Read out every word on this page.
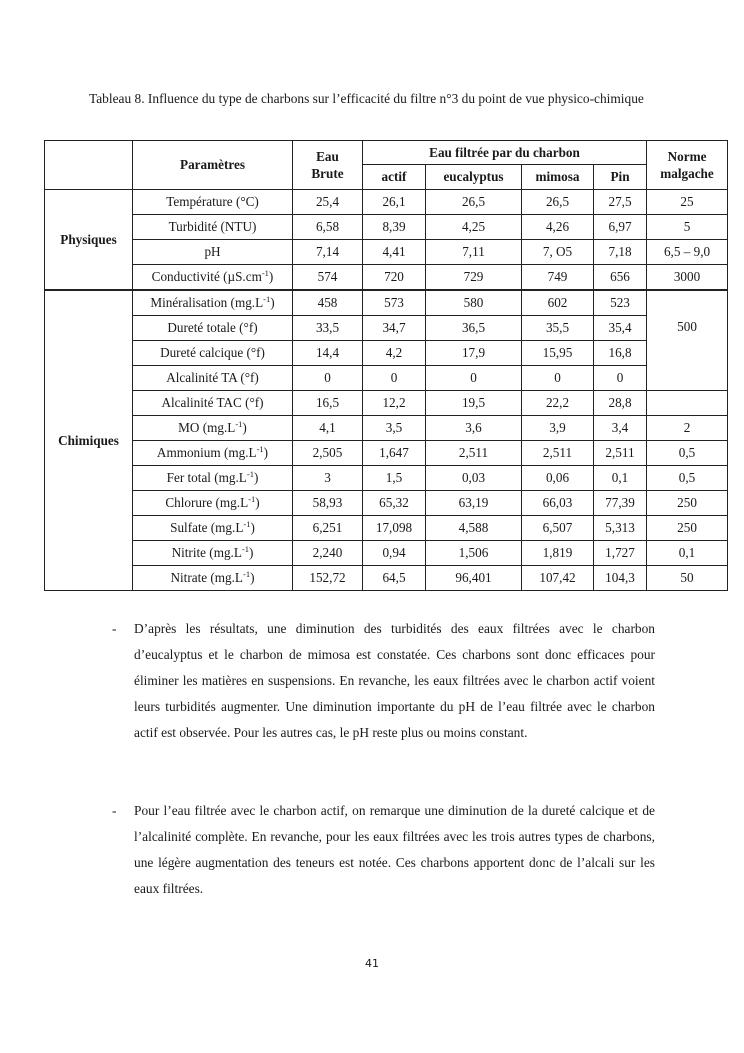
Tableau 8. Influence du type de charbons sur l’efficacité du filtre n°3 du point de vue physico-chimique
	Paramètres	Eau Brute	Eau filtrée par du charbon				Norme malgache
			actif	eucalyptus	mimosa	Pin	
Physiques	Température (°C)	25,4	26,1	26,5	26,5	27,5	25
	Turbidité (NTU)	6,58	8,39	4,25	4,26	6,97	5
	pH	7,14	4,41	7,11	7, O5	7,18	6,5 – 9,0
	Conductivité $(\mu S.cm^{-1})$	574	720	729	749	656	3000
Chimiques	Minéralisation $(mg.L^{-1})$	458	573	580	602	523	500
	Dureté totale (°f)	33,5	34,7	36,5	35,5	35,4	
	Dureté calcique (°f)	14,4	4,2	17,9	15,95	16,8	
	Alcalinité TA (°f)	0	0	0	0	0	
	Alcalinité TAC (°f)	16,5	12,2	19,5	22,2	28,8	
	MO $(mg.L^{-1})$	4,1	3,5	3,6	3,9	3,4	2
	Ammonium $(mg.L^{-1})$	2,505	1,647	2,511	2,511	2,511	0,5
	Fer total $(mg.L^{-1})$	3	1,5	0,03	0,06	0,1	0,5
	Chlorure $(mg.L^{-1})$	58,93	65,32	63,19	66,03	77,39	250
	Sulfate $(mg.L^{-1})$	6,251	17,098	4,588	6,507	5,313	250
	Nitrite $(mg.L^{-1})$	2,240	0,94	1,506	1,819	1,727	0,1
	Nitrate $(mg.L^{-1})$	152,72	64,5	96,401	107,42	104,3	50
- D’après les résultats, une diminution des turbidités des eaux filtrées avec le charbon d’eucalyptus et le charbon de mimosa est constatée. Ces charbons sont donc efficaces pour éliminer les matières en suspensions. En revanche, les eaux filtrées avec le charbon actif voient leurs turbidités augmenter. Une diminution importante du pH de l’eau filtrée avec le charbon actif est observée. Pour les autres cas, le pH reste plus ou moins constant.
- Pour l’eau filtrée avec le charbon actif, on remarque une diminution de la dureté calcique et de l’alcalinité complète. En revanche, pour les eaux filtrées avec les trois autres types de charbons, une légère augmentation des teneurs est notée. Ces charbons apportent donc de l’alcali sur les eaux filtrées.
41
